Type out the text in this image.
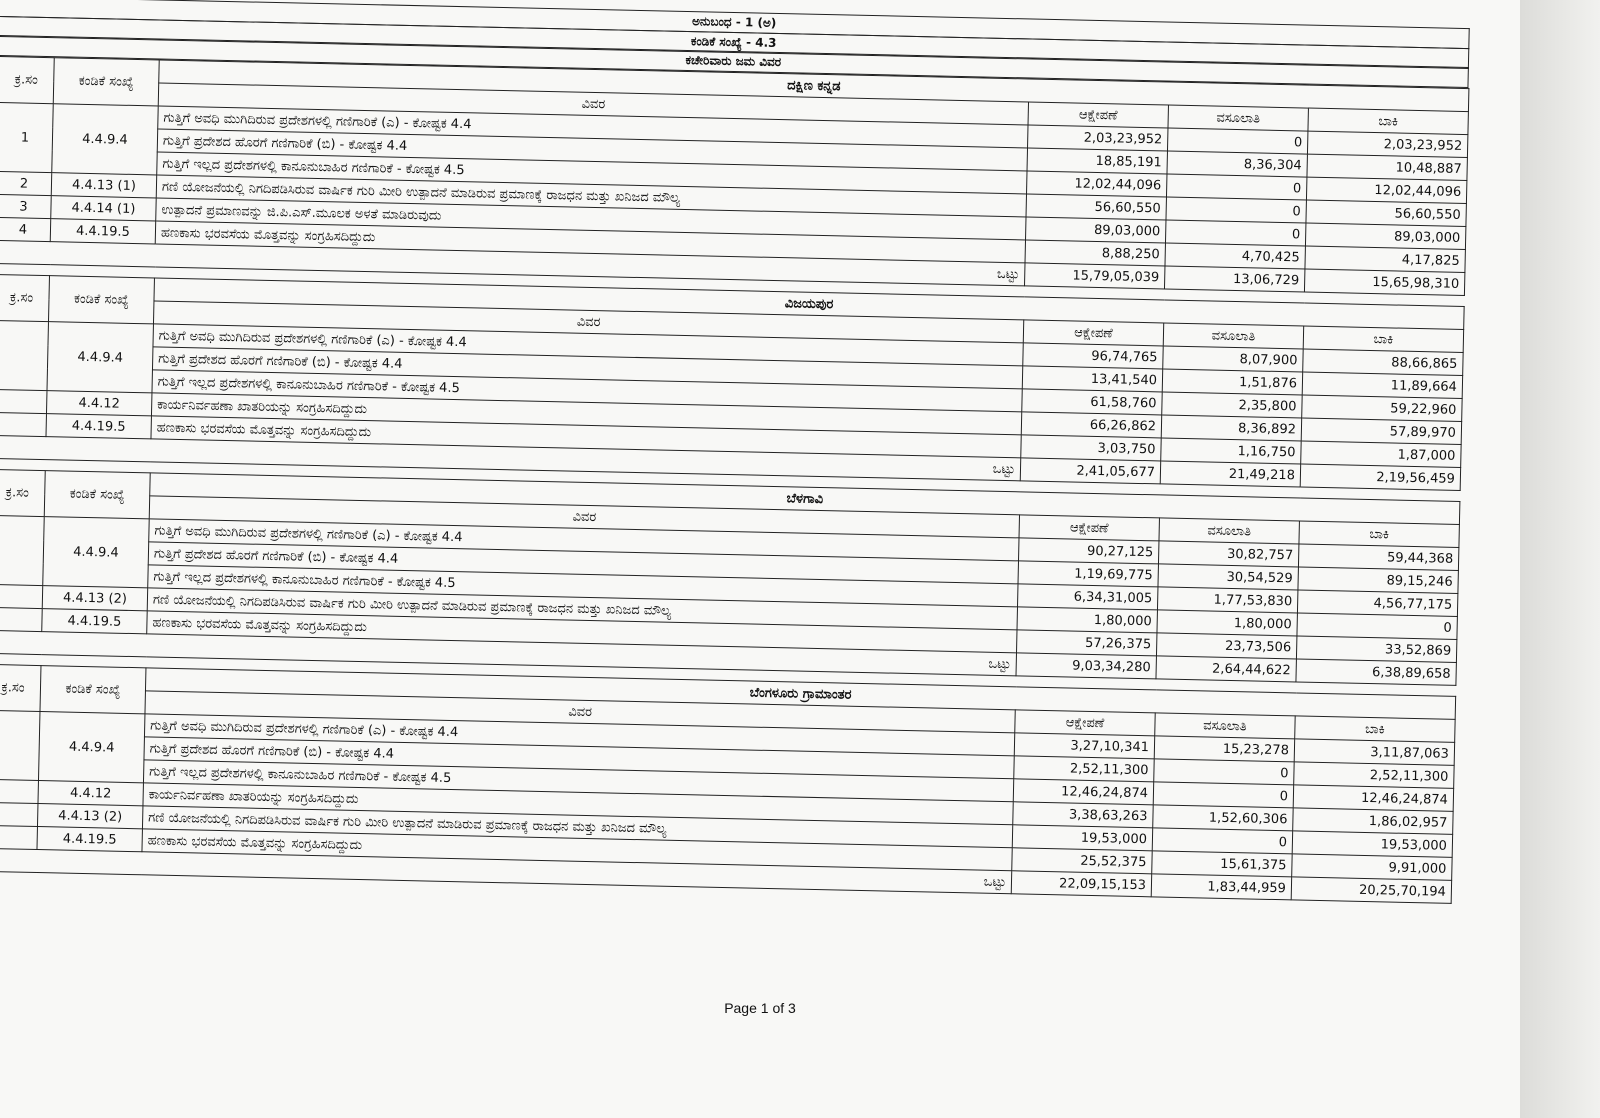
ಅನುಬಂಧ - 1 (ಅ)
ಕಂಡಿಕೆ ಸಂಖ್ಯೆ - 4.3
ಕಚೇರಿವಾರು ಜಮ ವಿವರ
ಕ್ರ.ಸಂ	ಕಂಡಿಕೆ ಸಂಖ್ಯೆ	ದಕ್ಷಿಣ ಕನ್ನಡ			
		ವಿವರ	ಆಕ್ಷೇಪಣೆ	ವಸೂಲಾತಿ	ಬಾಕಿ
1	4.4.9.4	ಗುತ್ತಿಗೆ ಅವಧಿ ಮುಗಿದಿರುವ ಪ್ರದೇಶಗಳಲ್ಲಿ ಗಣಿಗಾರಿಕೆ (ಎ) - ಕೋಷ್ಟಕ 4.4	2,03,23,952	0	2,03,23,952
		ಗುತ್ತಿಗೆ ಪ್ರದೇಶದ ಹೊರಗೆ ಗಣಿಗಾರಿಕೆ (ಬಿ) - ಕೋಷ್ಟಕ 4.4	18,85,191	8,36,304	10,48,887
		ಗುತ್ತಿಗೆ ಇಲ್ಲದ ಪ್ರದೇಶಗಳಲ್ಲಿ ಕಾನೂನುಬಾಹಿರ ಗಣಿಗಾರಿಕೆ - ಕೋಷ್ಟಕ 4.5	12,02,44,096	0	12,02,44,096
2	4.4.13 (1)	ಗಣಿ ಯೋಜನೆಯಲ್ಲಿ ನಿಗದಿಪಡಿಸಿರುವ ವಾರ್ಷಿಕ ಗುರಿ ಮೀರಿ ಉತ್ಪಾದನೆ ಮಾಡಿರುವ ಪ್ರಮಾಣಕ್ಕೆ ರಾಜಧನ ಮತ್ತು ಖನಿಜದ ಮೌಲ್ಯ	56,60,550	0	56,60,550
3	4.4.14 (1)	ಉತ್ಪಾದನೆ ಪ್ರಮಾಣವನ್ನು ಜಿ.ಪಿ.ಎಸ್.ಮೂಲಕ ಅಳತೆ ಮಾಡಿರುವುದು	89,03,000	0	89,03,000
4	4.4.19.5	ಹಣಕಾಸು ಭರವಸೆಯ ಮೊತ್ತವನ್ನು ಸಂಗ್ರಹಿಸದಿದ್ದುದು	8,88,250	4,70,425	4,17,825
ಒಟ್ಟು			15,79,05,039	13,06,729	15,65,98,310
ಕ್ರ.ಸಂ	ಕಂಡಿಕೆ ಸಂಖ್ಯೆ	ವಿಜಯಪುರ			
		ವಿವರ	ಆಕ್ಷೇಪಣೆ	ವಸೂಲಾತಿ	ಬಾಕಿ
	4.4.9.4	ಗುತ್ತಿಗೆ ಅವಧಿ ಮುಗಿದಿರುವ ಪ್ರದೇಶಗಳಲ್ಲಿ ಗಣಿಗಾರಿಕೆ (ಎ) - ಕೋಷ್ಟಕ 4.4	96,74,765	8,07,900	88,66,865
		ಗುತ್ತಿಗೆ ಪ್ರದೇಶದ ಹೊರಗೆ ಗಣಿಗಾರಿಕೆ (ಬಿ) - ಕೋಷ್ಟಕ 4.4	13,41,540	1,51,876	11,89,664
		ಗುತ್ತಿಗೆ ಇಲ್ಲದ ಪ್ರದೇಶಗಳಲ್ಲಿ ಕಾನೂನುಬಾಹಿರ ಗಣಿಗಾರಿಕೆ - ಕೋಷ್ಟಕ 4.5	61,58,760	2,35,800	59,22,960
	4.4.12	ಕಾರ್ಯನಿರ್ವಹಣಾ ಖಾತರಿಯನ್ನು ಸಂಗ್ರಹಿಸದಿದ್ದುದು	66,26,862	8,36,892	57,89,970
	4.4.19.5	ಹಣಕಾಸು ಭರವಸೆಯ ಮೊತ್ತವನ್ನು ಸಂಗ್ರಹಿಸದಿದ್ದುದು	3,03,750	1,16,750	1,87,000
ಒಟ್ಟು			2,41,05,677	21,49,218	2,19,56,459
ಕ್ರ.ಸಂ	ಕಂಡಿಕೆ ಸಂಖ್ಯೆ	ಬೆಳಗಾವಿ			
		ವಿವರ	ಆಕ್ಷೇಪಣೆ	ವಸೂಲಾತಿ	ಬಾಕಿ
	4.4.9.4	ಗುತ್ತಿಗೆ ಅವಧಿ ಮುಗಿದಿರುವ ಪ್ರದೇಶಗಳಲ್ಲಿ ಗಣಿಗಾರಿಕೆ (ಎ) - ಕೋಷ್ಟಕ 4.4	90,27,125	30,82,757	59,44,368
		ಗುತ್ತಿಗೆ ಪ್ರದೇಶದ ಹೊರಗೆ ಗಣಿಗಾರಿಕೆ (ಬಿ) - ಕೋಷ್ಟಕ 4.4	1,19,69,775	30,54,529	89,15,246
		ಗುತ್ತಿಗೆ ಇಲ್ಲದ ಪ್ರದೇಶಗಳಲ್ಲಿ ಕಾನೂನುಬಾಹಿರ ಗಣಿಗಾರಿಕೆ - ಕೋಷ್ಟಕ 4.5	6,34,31,005	1,77,53,830	4,56,77,175
	4.4.13 (2)	ಗಣಿ ಯೋಜನೆಯಲ್ಲಿ ನಿಗದಿಪಡಿಸಿರುವ ವಾರ್ಷಿಕ ಗುರಿ ಮೀರಿ ಉತ್ಪಾದನೆ ಮಾಡಿರುವ ಪ್ರಮಾಣಕ್ಕೆ ರಾಜಧನ ಮತ್ತು ಖನಿಜದ ಮೌಲ್ಯ	1,80,000	1,80,000	0
	4.4.19.5	ಹಣಕಾಸು ಭರವಸೆಯ ಮೊತ್ತವನ್ನು ಸಂಗ್ರಹಿಸದಿದ್ದುದು	57,26,375	23,73,506	33,52,869
ಒಟ್ಟು			9,03,34,280	2,64,44,622	6,38,89,658
ಕ್ರ.ಸಂ	ಕಂಡಿಕೆ ಸಂಖ್ಯೆ	ಬೆಂಗಳೂರು ಗ್ರಾಮಾಂತರ			
		ವಿವರ	ಆಕ್ಷೇಪಣೆ	ವಸೂಲಾತಿ	ಬಾಕಿ
	4.4.9.4	ಗುತ್ತಿಗೆ ಅವಧಿ ಮುಗಿದಿರುವ ಪ್ರದೇಶಗಳಲ್ಲಿ ಗಣಿಗಾರಿಕೆ (ಎ) - ಕೋಷ್ಟಕ 4.4	3,27,10,341	15,23,278	3,11,87,063
		ಗುತ್ತಿಗೆ ಪ್ರದೇಶದ ಹೊರಗೆ ಗಣಿಗಾರಿಕೆ (ಬಿ) - ಕೋಷ್ಟಕ 4.4	2,52,11,300	0	2,52,11,300
		ಗುತ್ತಿಗೆ ಇಲ್ಲದ ಪ್ರದೇಶಗಳಲ್ಲಿ ಕಾನೂನುಬಾಹಿರ ಗಣಿಗಾರಿಕೆ - ಕೋಷ್ಟಕ 4.5	12,46,24,874	0	12,46,24,874
	4.4.12	ಕಾರ್ಯನಿರ್ವಹಣಾ ಖಾತರಿಯನ್ನು ಸಂಗ್ರಹಿಸದಿದ್ದುದು	3,38,63,263	1,52,60,306	1,86,02,957
	4.4.13 (2)	ಗಣಿ ಯೋಜನೆಯಲ್ಲಿ ನಿಗದಿಪಡಿಸಿರುವ ವಾರ್ಷಿಕ ಗುರಿ ಮೀರಿ ಉತ್ಪಾದನೆ ಮಾಡಿರುವ ಪ್ರಮಾಣಕ್ಕೆ ರಾಜಧನ ಮತ್ತು ಖನಿಜದ ಮೌಲ್ಯ	19,53,000	0	19,53,000
	4.4.19.5	ಹಣಕಾಸು ಭರವಸೆಯ ಮೊತ್ತವನ್ನು ಸಂಗ್ರಹಿಸದಿದ್ದುದು	25,52,375	15,61,375	9,91,000
ಒಟ್ಟು			22,09,15,153	1,83,44,959	20,25,70,194
Page 1 of 3
